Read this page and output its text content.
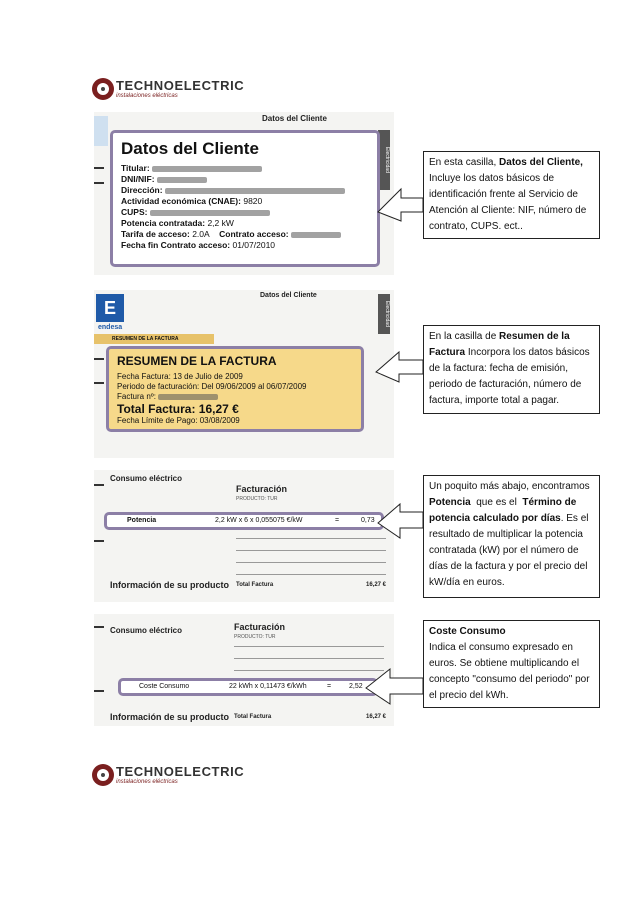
TECHNOELECTRIC
instalaciones eléctricas
Datos del Cliente
Electricidad
Datos del Cliente
Titular:
DNI/NIF:
Dirección:
Actividad económica (CNAE): 9820
CUPS:
Potencia contratada: 2,2 kW
Tarifa de acceso: 2.0A Contrato acceso:
Fecha fin Contrato acceso: 01/07/2010
E
endesa
Datos del Cliente
Electricidad
RESUMEN DE LA FACTURA
RESUMEN DE LA FACTURA
Fecha Factura: 13 de Julio de 2009
Periodo de facturación: Del 09/06/2009 al 06/07/2009
Factura nº:
Total Factura: 16,27 €
Fecha Límite de Pago: 03/08/2009
Consumo eléctrico
Facturación
PRODUCTO: TUR
Información de su producto Total Factura	16,27 €
Potencia	2,2 kW x 6 x 0,055075 €/kW	=	0,73
Consumo eléctrico	Facturación
PRODUCTO: TUR
Información de su producto Total Factura	16,27 €
Coste Consumo	22 kWh x 0,11473 €/kWh	=	2,52
En esta casilla, Datos del Cliente, Incluye los datos básicos de identificación frente al Servicio de Atención al Cliente: NIF, número de contrato, CUPS. ect..
En la casilla de Resumen de la Factura Incorpora los datos básicos de la factura: fecha de emisión, periodo de facturación, número de factura, importe total a pagar.
Un poquito más abajo, encontramos Potencia  que es el  Término de potencia calculado por días. Es el resultado de multiplicar la potencia contratada (kW) por el número de días de la factura y por el precio del kW/día en euros.
Coste Consumo
Indica el consumo expresado en euros. Se obtiene multiplicando el concepto "consumo del periodo" por el precio del kWh.
TECHNOELECTRIC
instalaciones eléctricas
